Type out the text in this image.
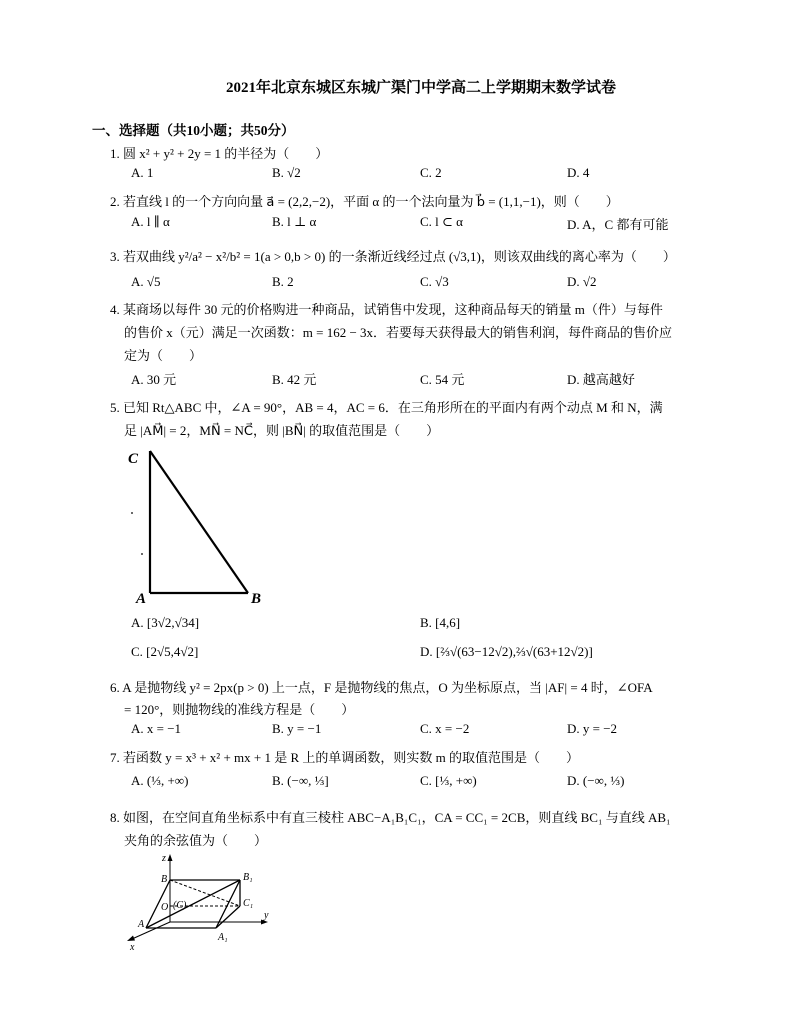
2021年北京东城区东城广渠门中学高二上学期期末数学试卷
一、选择题（共10小题；共50分）
1. 圆 x² + y² + 2y = 1 的半径为（　　）
A. 1	B. √2	C. 2	D. 4
2. 若直线 l 的一个方向向量 a⃗ = (2,2,−2)，平面 α 的一个法向量为 b⃗ = (1,1,−1)，则（　　）
A. l ∥ α	B. l ⊥ α	C. l ⊂ α	D. A，C 都有可能
3. 若双曲线 y²/a² − x²/b² = 1(a > 0,b > 0) 的一条渐近线经过点 (√3,1)，则该双曲线的离心率为（　　）
A. √5	B. 2	C. √3	D. √2
4. 某商场以每件 30 元的价格购进一种商品，试销售中发现，这种商品每天的销量 m（件）与每件
的售价 x（元）满足一次函数：m = 162 − 3x．若要每天获得最大的销售利润，每件商品的售价应
定为（　　）
A. 30 元	B. 42 元	C. 54 元	D. 越高越好
5. 已知 Rt△ABC 中，∠A = 90°，AB = 4，AC = 6．在三角形所在的平面内有两个动点 M 和 N，满
足 |AM⃗| = 2，MN⃗ = NC⃗，则 |BN⃗| 的取值范围是（　　）
C
A	B
A. [3√2,√34]	B. [4,6]
C. [2√5,4√2]	D. [⅔√(63−12√2),⅔√(63+12√2)]
6. A 是抛物线 y² = 2px(p > 0) 上一点，F 是抛物线的焦点，O 为坐标原点，当 |AF| = 4 时，∠OFA
= 120°，则抛物线的准线方程是（　　）
A. x = −1	B. y = −1	C. x = −2	D. y = −2
7. 若函数 y = x³ + x² + mx + 1 是 R 上的单调函数，则实数 m 的取值范围是（　　）
A. (⅓, +∞)	B. (−∞, ⅓]	C. [⅓, +∞)	D. (−∞, ⅓)
8. 如图，在空间直角坐标系中有直三棱柱 ABC−A₁B₁C₁，CA = CC₁ = 2CB，则直线 BC₁ 与直线 AB₁
夹角的余弦值为（　　）
z
B	B₁
O (C)	C₁
A
A₁
x
y
